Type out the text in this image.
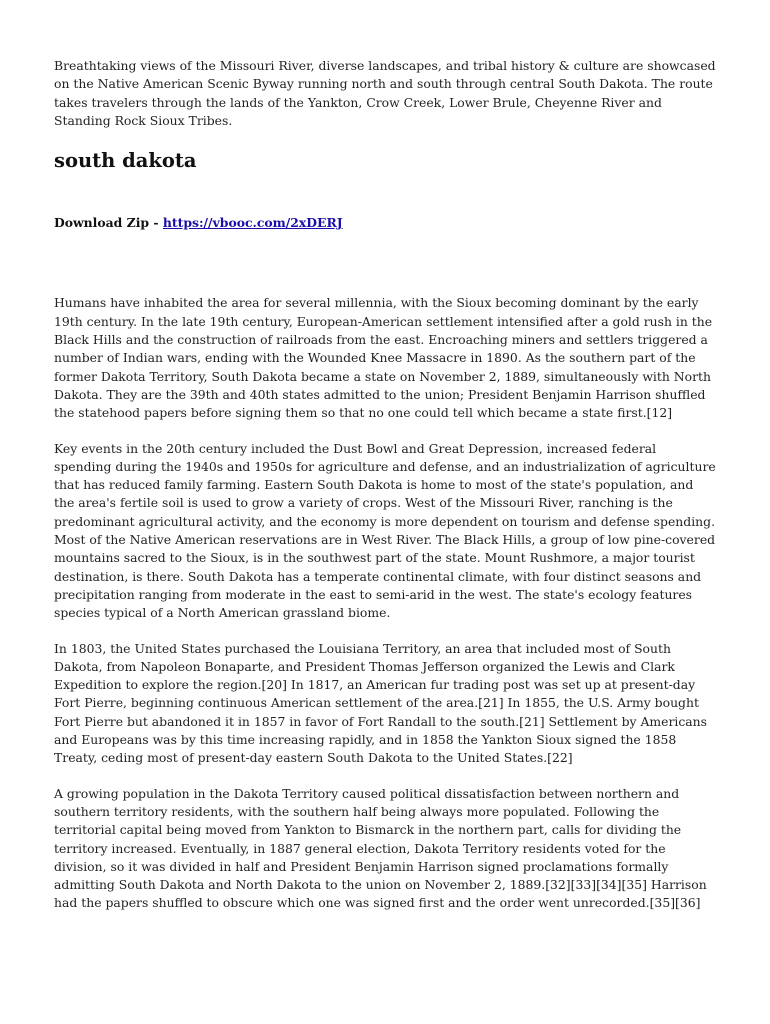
Breathtaking views of the Missouri River, diverse landscapes, and tribal history & culture are showcased on the Native American Scenic Byway running north and south through central South Dakota. The route takes travelers through the lands of the Yankton, Crow Creek, Lower Brule, Cheyenne River and Standing Rock Sioux Tribes.

south dakota
Download Zip - https://vbooc.com/2xDERJ

Humans have inhabited the area for several millennia, with the Sioux becoming dominant by the early 19th century. In the late 19th century, European-American settlement intensified after a gold rush in the Black Hills and the construction of railroads from the east. Encroaching miners and settlers triggered a number of Indian wars, ending with the Wounded Knee Massacre in 1890. As the southern part of the former Dakota Territory, South Dakota became a state on November 2, 1889, simultaneously with North Dakota. They are the 39th and 40th states admitted to the union; President Benjamin Harrison shuffled the statehood papers before signing them so that no one could tell which became a state first.[12]

Key events in the 20th century included the Dust Bowl and Great Depression, increased federal spending during the 1940s and 1950s for agriculture and defense, and an industrialization of agriculture that has reduced family farming. Eastern South Dakota is home to most of the state's population, and the area's fertile soil is used to grow a variety of crops. West of the Missouri River, ranching is the predominant agricultural activity, and the economy is more dependent on tourism and defense spending. Most of the Native American reservations are in West River. The Black Hills, a group of low pine-covered mountains sacred to the Sioux, is in the southwest part of the state. Mount Rushmore, a major tourist destination, is there. South Dakota has a temperate continental climate, with four distinct seasons and precipitation ranging from moderate in the east to semi-arid in the west. The state's ecology features species typical of a North American grassland biome.

In 1803, the United States purchased the Louisiana Territory, an area that included most of South Dakota, from Napoleon Bonaparte, and President Thomas Jefferson organized the Lewis and Clark Expedition to explore the region.[20] In 1817, an American fur trading post was set up at present-day Fort Pierre, beginning continuous American settlement of the area.[21] In 1855, the U.S. Army bought Fort Pierre but abandoned it in 1857 in favor of Fort Randall to the south.[21] Settlement by Americans and Europeans was by this time increasing rapidly, and in 1858 the Yankton Sioux signed the 1858 Treaty, ceding most of present-day eastern South Dakota to the United States.[22]

A growing population in the Dakota Territory caused political dissatisfaction between northern and southern territory residents, with the southern half being always more populated. Following the territorial capital being moved from Yankton to Bismarck in the northern part, calls for dividing the territory increased. Eventually, in 1887 general election, Dakota Territory residents voted for the division, so it was divided in half and President Benjamin Harrison signed proclamations formally admitting South Dakota and North Dakota to the union on November 2, 1889.[32][33][34][35] Harrison had the papers shuffled to obscure which one was signed first and the order went unrecorded.[35][36]
